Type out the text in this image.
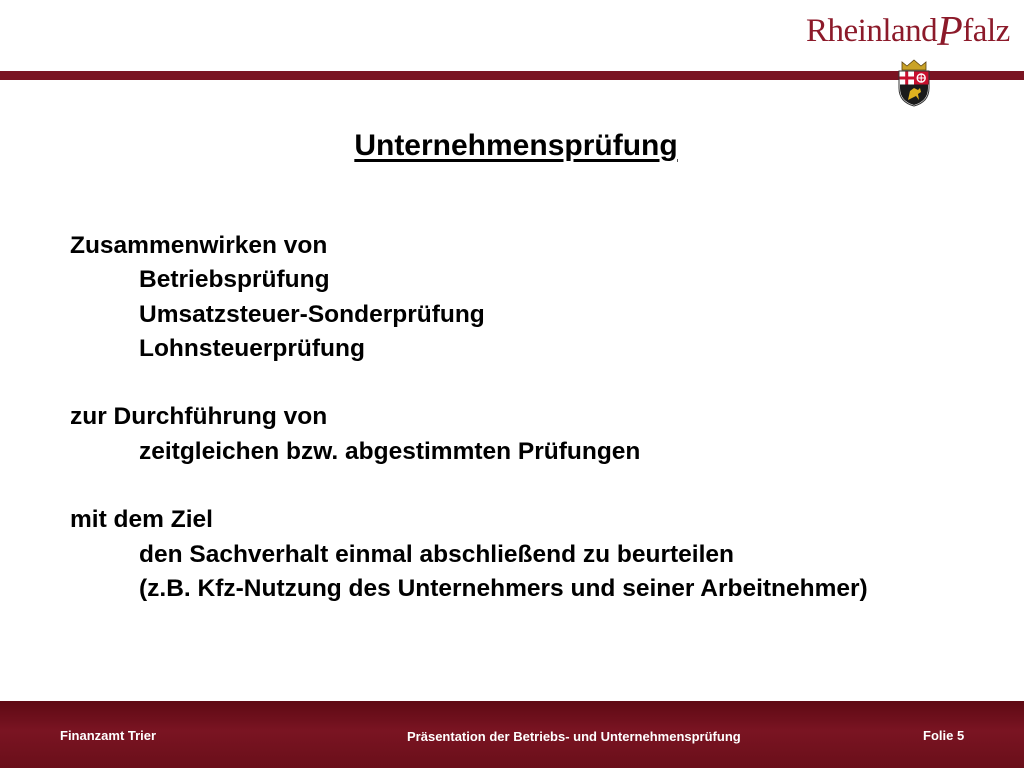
RheinlandPfalz
Unternehmensprüfung
Zusammenwirken von
Betriebsprüfung
Umsatzsteuer-Sonderprüfung
Lohnsteuerprüfung
zur Durchführung von
zeitgleichen bzw. abgestimmten Prüfungen
mit dem Ziel
den Sachverhalt einmal abschließend zu beurteilen
(z.B. Kfz-Nutzung des Unternehmers und seiner Arbeitnehmer)
Finanzamt Trier	Präsentation der Betriebs- und Unternehmensprüfung	Folie 5
